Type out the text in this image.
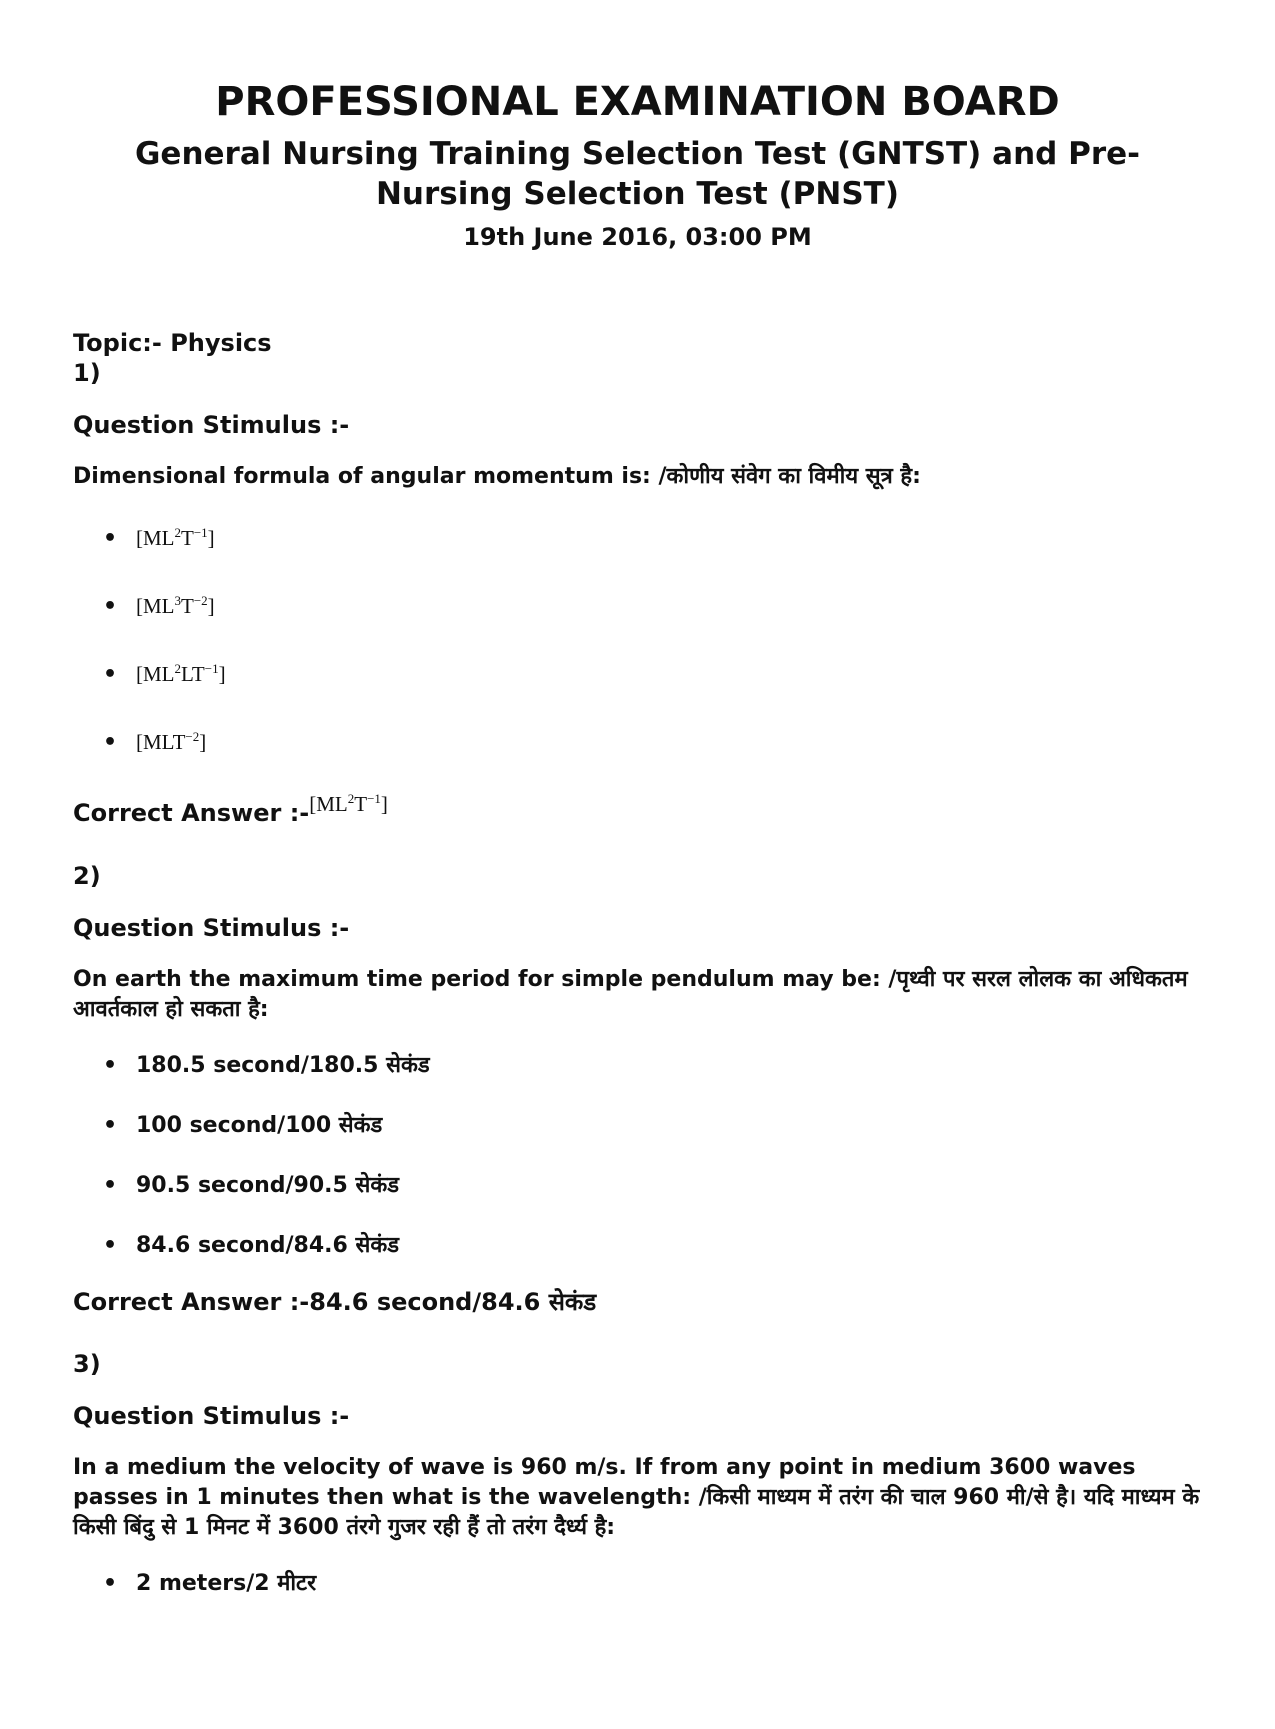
PROFESSIONAL EXAMINATION BOARD
General Nursing Training Selection Test (GNTST) and Pre-Nursing Selection Test (PNST)
19th June 2016, 03:00 PM
Topic:- Physics
1)
Question Stimulus :-
Dimensional formula of angular momentum is: /कोणीय संवेग का विमीय सूत्र है:
• $[ML^2T^{-1}]$
• $[ML^3T^{-2}]$
• $[ML^2LT^{-1}]$
• $[MLT^{-2}]$
Correct Answer $:-[ML^2T^{-1}]$
2)
Question Stimulus :-
On earth the maximum time period for simple pendulum may be: /पृथ्वी पर सरल लोलक का अधिकतम आवर्तकाल हो सकता है:
• 180.5 second/180.5 सेकंड
• 100 second/100 सेकंड
• 90.5 second/90.5 सेकंड
• 84.6 second/84.6 सेकंड
Correct Answer :-84.6 second/84.6 सेकंड
3)
Question Stimulus :-
In a medium the velocity of wave is 960 m/s. If from any point in medium 3600 waves passes in 1 minutes then what is the wavelength: /किसी माध्यम में तरंग की चाल 960 मी/से है। यदि माध्यम के किसी बिंदु से 1 मिनट में 3600 तंरगे गुजर रही हैं तो तरंग दैर्ध्य है:
• 2 meters/2 मीटर
